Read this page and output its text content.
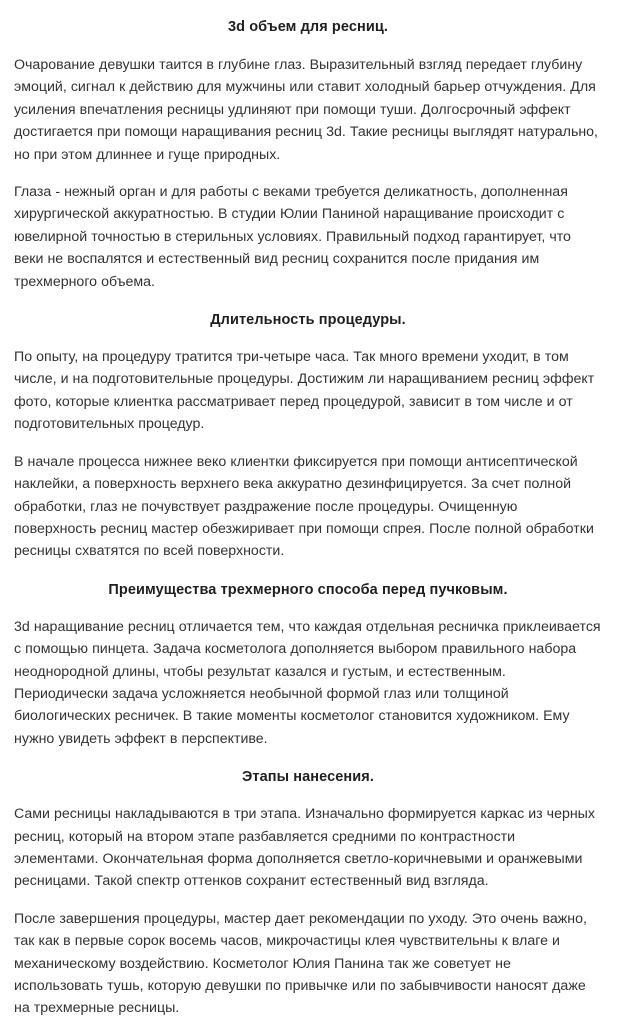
3d объем для ресниц.

Очарование девушки таится в глубине глаз. Выразительный взгляд передает глубину эмоций, сигнал к действию для мужчины или ставит холодный барьер отчуждения. Для усиления впечатления ресницы удлиняют при помощи туши. Долгосрочный эффект достигается при помощи наращивания ресниц 3d. Такие ресницы выглядят натурально, но при этом длиннее и гуще природных.

Глаза - нежный орган и для работы с веками требуется деликатность, дополненная хирургической аккуратностью. В студии Юлии Паниной наращивание происходит с ювелирной точностью в стерильных условиях. Правильный подход гарантирует, что веки не воспалятся и естественный вид ресниц сохранится после придания им трехмерного объема.

Длительность процедуры.

По опыту, на процедуру тратится три-четыре часа. Так много времени уходит, в том числе, и на подготовительные процедуры. Достижим ли наращиванием ресниц эффект фото, которые клиентка рассматривает перед процедурой, зависит в том числе и от подготовительных процедур.

В начале процесса нижнее веко клиентки фиксируется при помощи антисептической наклейки, а поверхность верхнего века аккуратно дезинфицируется. За счет полной обработки, глаз не почувствует раздражение после процедуры. Очищенную поверхность ресниц мастер обезжиривает при помощи спрея. После полной обработки ресницы схватятся по всей поверхности.

Преимущества трехмерного способа перед пучковым.

3d наращивание ресниц отличается тем, что каждая отдельная ресничка приклеивается с помощью пинцета. Задача косметолога дополняется выбором правильного набора неоднородной длины, чтобы результат казался и густым, и естественным. Периодически задача усложняется необычной формой глаз или толщиной биологических ресничек. В такие моменты косметолог становится художником. Ему нужно увидеть эффект в перспективе.

Этапы нанесения.

Сами ресницы накладываются в три этапа. Изначально формируется каркас из черных ресниц, который на втором этапе разбавляется средними по контрастности элементами. Окончательная форма дополняется светло-коричневыми и оранжевыми ресницами. Такой спектр оттенков сохранит естественный вид взгляда.

После завершения процедуры, мастер дает рекомендации по уходу. Это очень важно, так как в первые сорок восемь часов, микрочастицы клея чувствительны к влаге и механическому воздействию. Косметолог Юлия Панина так же советует не использовать тушь, которую девушки по привычке или по забывчивости наносят даже на трехмерные ресницы.
